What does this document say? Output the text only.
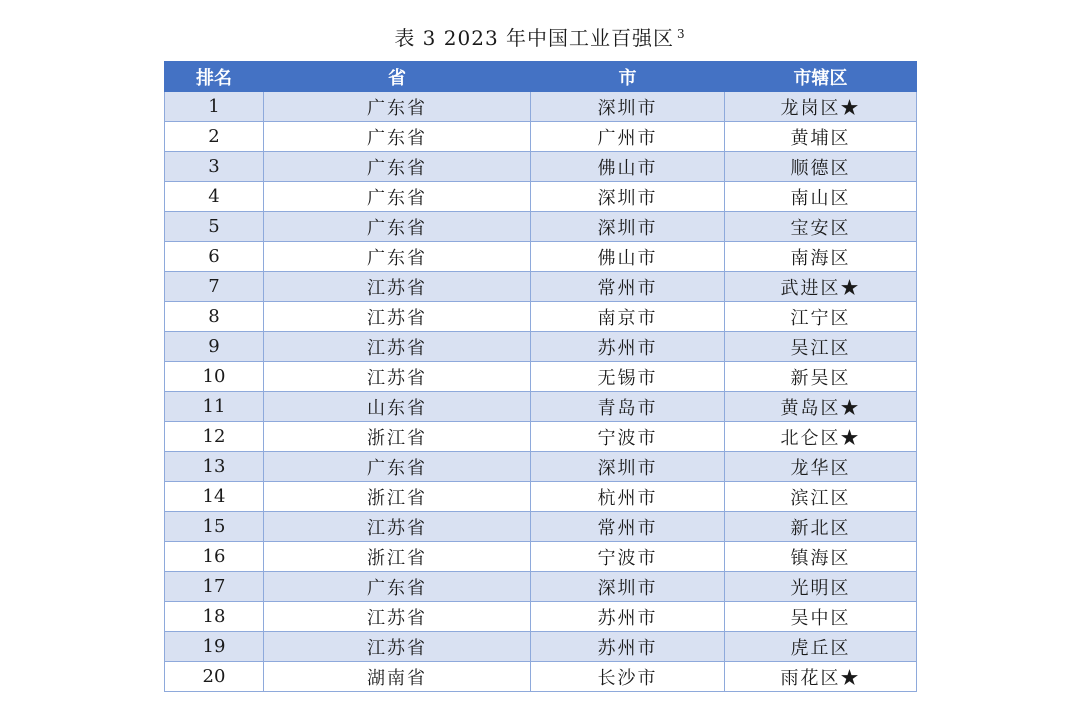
表 3 2023 年中国工业百强区 $^3$
排名	省	市	市辖区
1	广东省	深圳市	龙岗区★
2	广东省	广州市	黄埔区
3	广东省	佛山市	顺德区
4	广东省	深圳市	南山区
5	广东省	深圳市	宝安区
6	广东省	佛山市	南海区
7	江苏省	常州市	武进区★
8	江苏省	南京市	江宁区
9	江苏省	苏州市	吴江区
10	江苏省	无锡市	新吴区
11	山东省	青岛市	黄岛区★
12	浙江省	宁波市	北仑区★
13	广东省	深圳市	龙华区
14	浙江省	杭州市	滨江区
15	江苏省	常州市	新北区
16	浙江省	宁波市	镇海区
17	广东省	深圳市	光明区
18	江苏省	苏州市	吴中区
19	江苏省	苏州市	虎丘区
20	湖南省	长沙市	雨花区★
